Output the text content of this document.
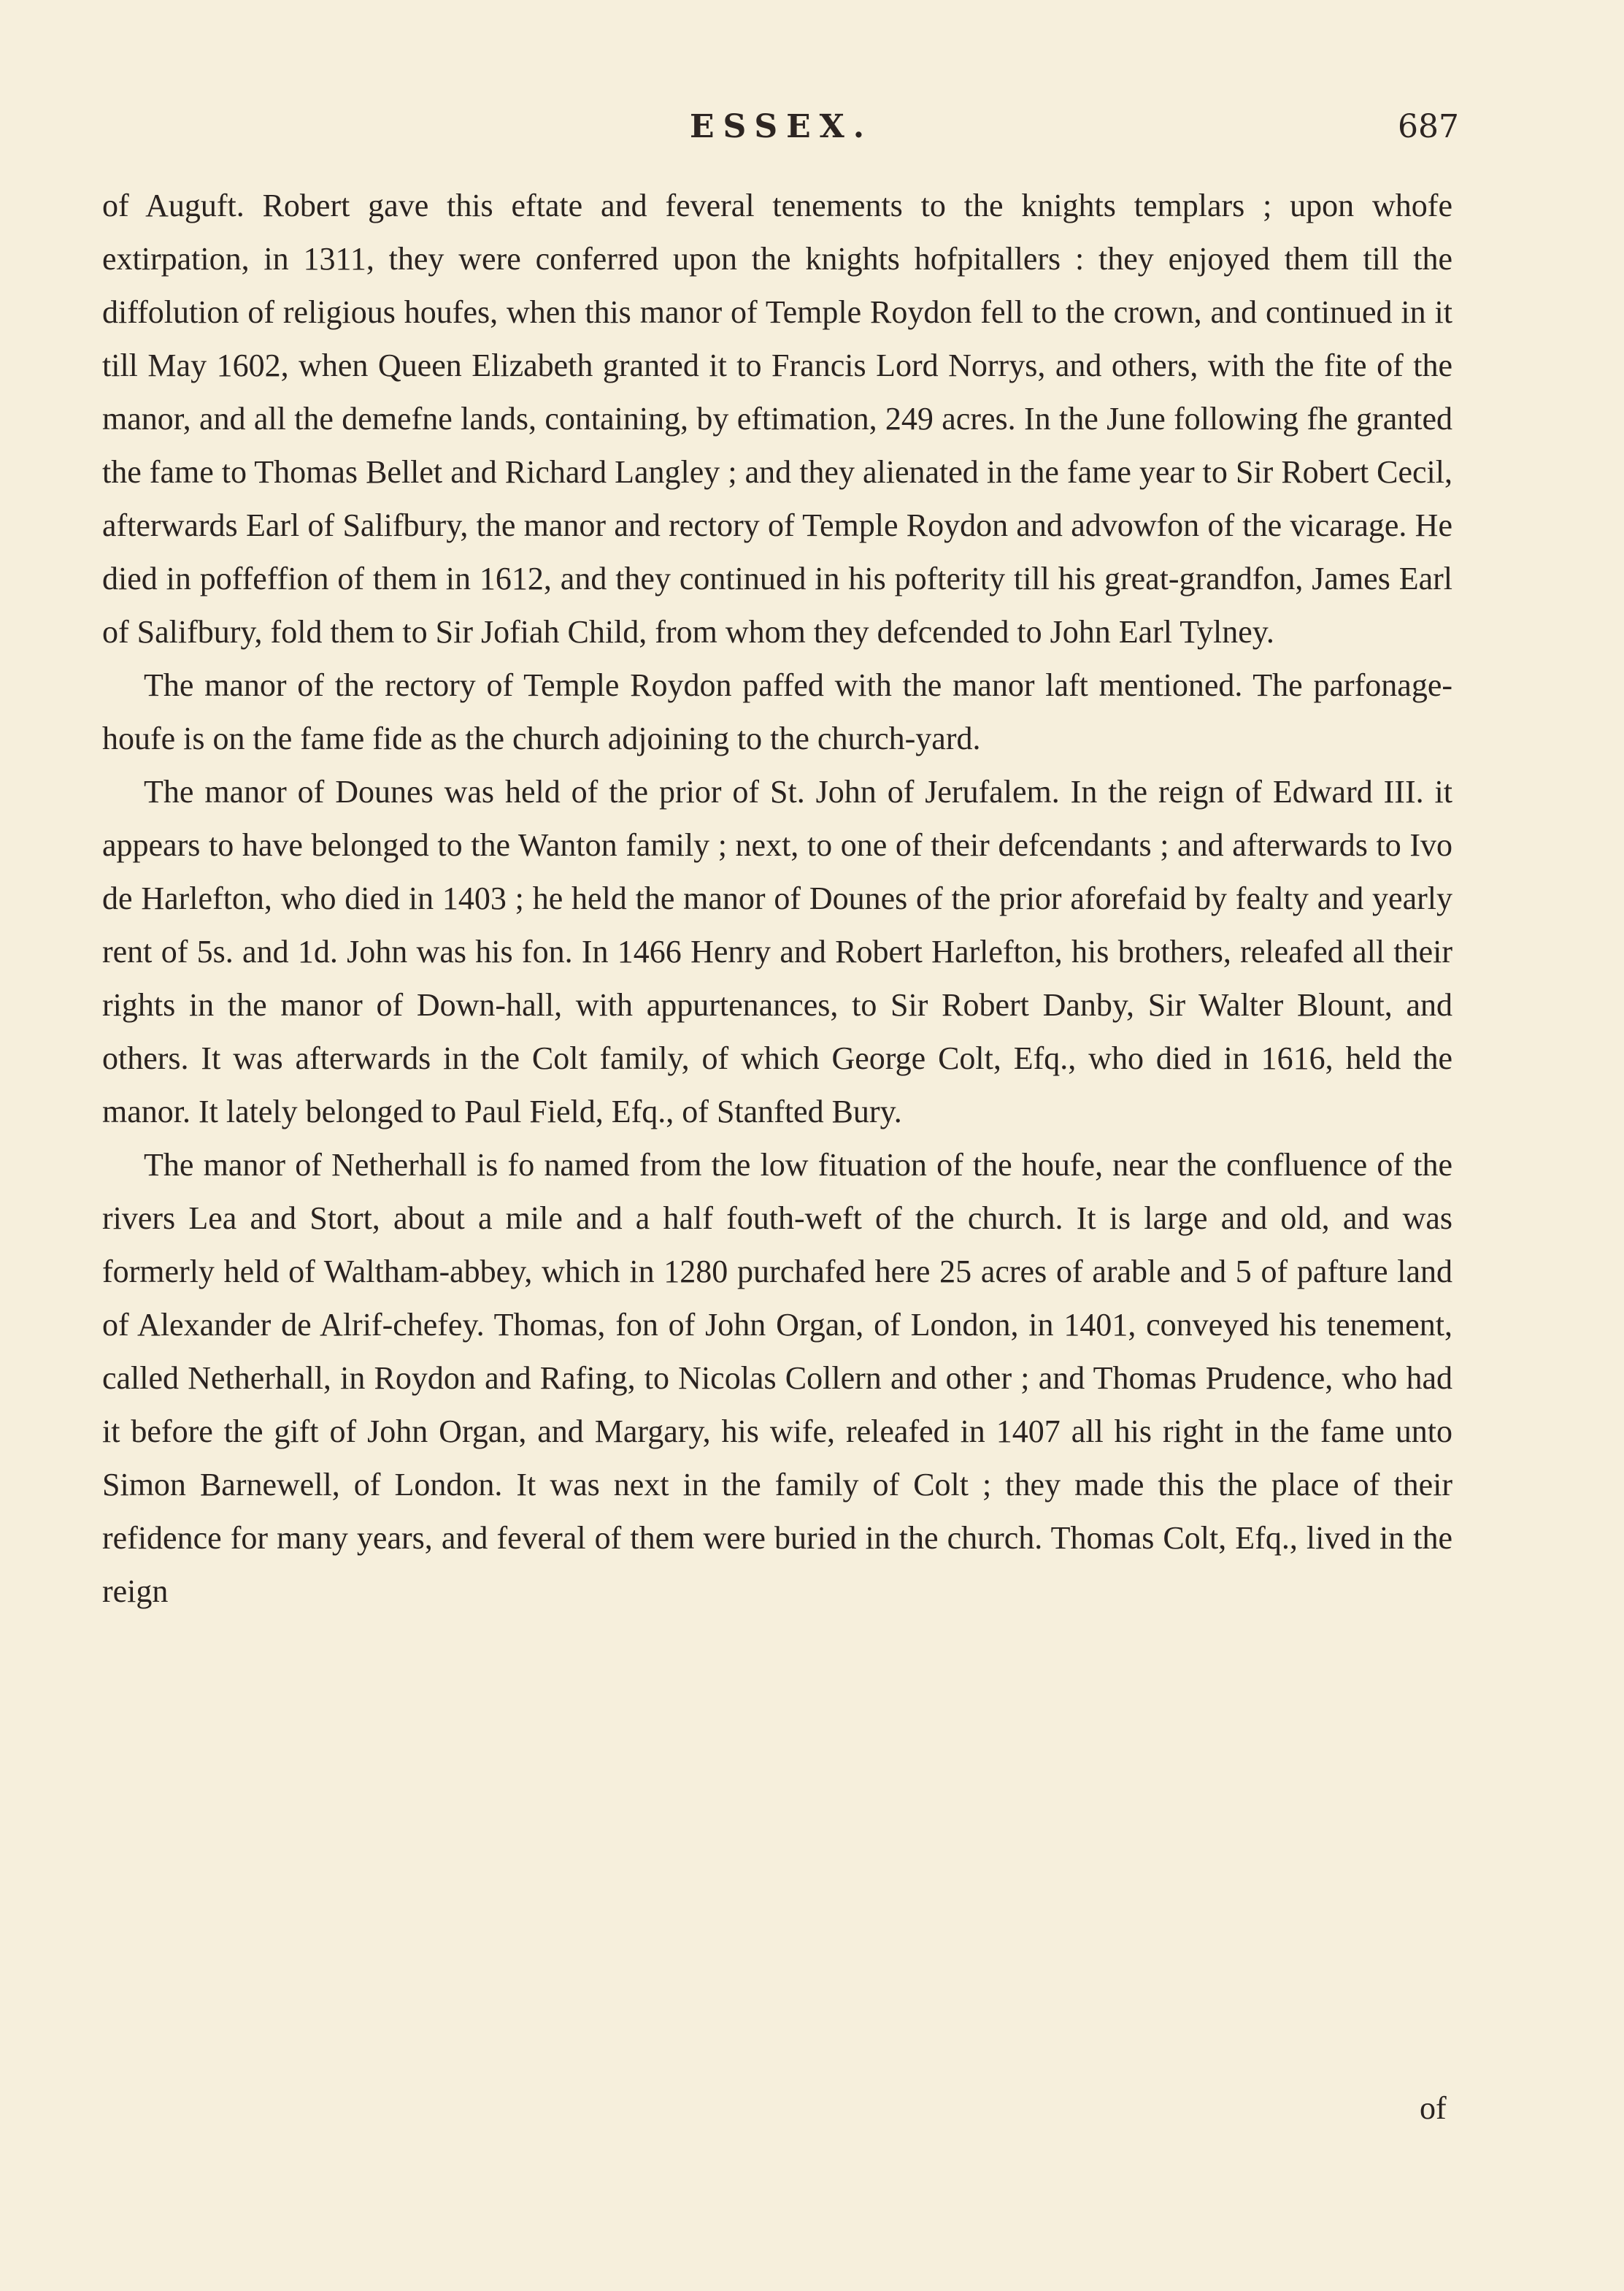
ESSEX.	687

of Auguft. Robert gave this eftate and feveral tenements to the knights templars ; upon whofe extirpation, in 1311, they were conferred upon the knights hofpitallers : they enjoyed them till the diffolution of religious houfes, when this manor of Temple Roydon fell to the crown, and continued in it till May 1602, when Queen Elizabeth granted it to Francis Lord Norrys, and others, with the fite of the manor, and all the demefne lands, containing, by eftimation, 249 acres. In the June following fhe granted the fame to Thomas Bellet and Richard Langley ; and they alienated in the fame year to Sir Robert Cecil, afterwards Earl of Salifbury, the manor and rectory of Temple Roydon and advowfon of the vicarage. He died in poffeffion of them in 1612, and they continued in his pofterity till his great-grandfon, James Earl of Salifbury, fold them to Sir Jofiah Child, from whom they defcended to John Earl Tylney.

The manor of the rectory of Temple Roydon paffed with the manor laft mentioned. The parfonage-houfe is on the fame fide as the church adjoining to the church-yard.

The manor of Dounes was held of the prior of St. John of Jerufalem. In the reign of Edward III. it appears to have belonged to the Wanton family ; next, to one of their defcendants ; and afterwards to Ivo de Harlefton, who died in 1403 ; he held the manor of Dounes of the prior aforefaid by fealty and yearly rent of 5s. and 1d. John was his fon. In 1466 Henry and Robert Harlefton, his brothers, releafed all their rights in the manor of Down-hall, with appurtenances, to Sir Robert Danby, Sir Walter Blount, and others. It was afterwards in the Colt family, of which George Colt, Efq., who died in 1616, held the manor. It lately belonged to Paul Field, Efq., of Stanfted Bury.

The manor of Netherhall is fo named from the low fituation of the houfe, near the confluence of the rivers Lea and Stort, about a mile and a half fouth-weft of the church. It is large and old, and was formerly held of Waltham-abbey, which in 1280 purchafed here 25 acres of arable and 5 of pafture land of Alexander de Alrif-chefey. Thomas, fon of John Organ, of London, in 1401, conveyed his tenement, called Netherhall, in Roydon and Rafing, to Nicolas Collern and other ; and Thomas Prudence, who had it before the gift of John Organ, and Margary, his wife, releafed in 1407 all his right in the fame unto Simon Barnewell, of London. It was next in the family of Colt ; they made this the place of their refidence for many years, and feveral of them were buried in the church. Thomas Colt, Efq., lived in the reign

of
